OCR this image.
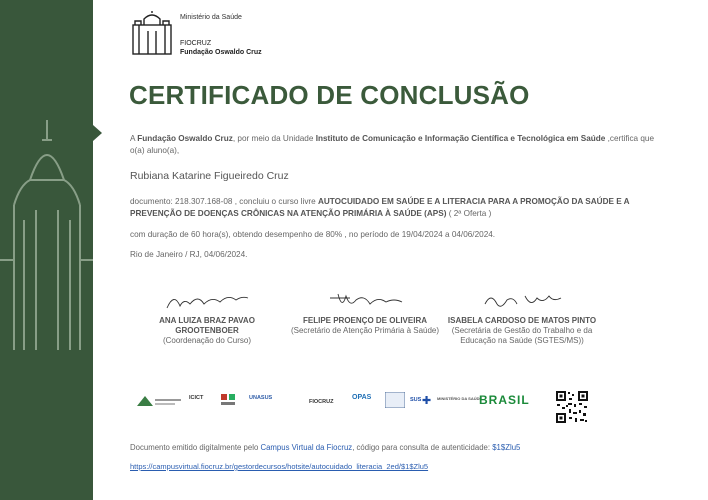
Ministério da Saúde
FIOCRUZ
Fundação Oswaldo Cruz
CERTIFICADO DE CONCLUSÃO
A Fundação Oswaldo Cruz, por meio da Unidade Instituto de Comunicação e Informação Científica e Tecnológica em Saúde ,certifica que o(a) aluno(a),
Rubiana Katarine Figueiredo Cruz
documento: 218.307.168-08 , concluiu o curso livre AUTOCUIDADO EM SAÚDE E A LITERACIA PARA A PROMOÇÃO DA SAÚDE E A PREVENÇÃO DE DOENÇAS CRÔNICAS NA ATENÇÃO PRIMÁRIA À SAÚDE (APS) ( 2ª Oferta )
com duração de 60 hora(s), obtendo desempenho de 80% , no período de 19/04/2024 a 04/06/2024.
Rio de Janeiro / RJ, 04/06/2024.
ANA LUIZA BRAZ PAVAO GROOTENBOER
(Coordenação do Curso)
FELIPE PROENÇO DE OLIVEIRA
(Secretário de Atenção Primária à Saúde)
ISABELA CARDOSO DE MATOS PINTO
(Secretária de Gestão do Trabalho e da Educação na Saúde (SGTES/MS))
ICICT	UNASUS
FIOCRUZ
OPAS	SUS ✚ MINISTÉRIO DA SAÚDE
BRASIL
Documento emitido digitalmente pelo Campus Virtual da Fiocruz, código para consulta de autenticidade: $1$Zlu5
https://campusvirtual.fiocruz.br/gestordecursos/hotsite/autocuidado_literacia_2ed/$1$Zlu5
